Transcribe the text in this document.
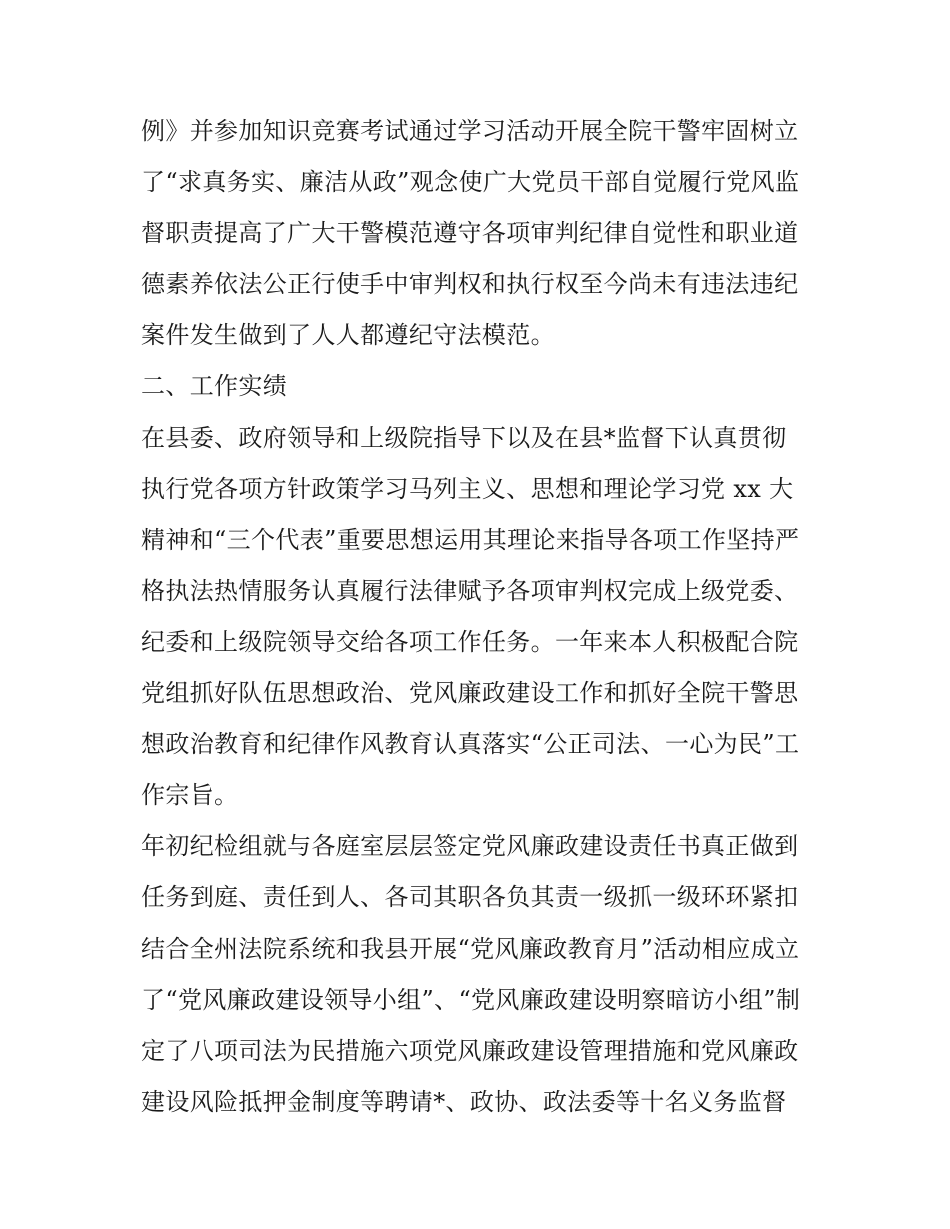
例》并参加知识竞赛考试通过学习活动开展全院干警牢固树立
了“求真务实、廉洁从政”观念使广大党员干部自觉履行党风监
督职责提高了广大干警模范遵守各项审判纪律自觉性和职业道
德素养依法公正行使手中审判权和执行权至今尚未有违法违纪
案件发生做到了人人都遵纪守法模范。
二、工作实绩
在县委、政府领导和上级院指导下以及在县*监督下认真贯彻
执行党各项方针政策学习马列主义、思想和理论学习党 xx 大
精神和“三个代表”重要思想运用其理论来指导各项工作坚持严
格执法热情服务认真履行法律赋予各项审判权完成上级党委、
纪委和上级院领导交给各项工作任务。一年来本人积极配合院
党组抓好队伍思想政治、党风廉政建设工作和抓好全院干警思
想政治教育和纪律作风教育认真落实“公正司法、一心为民”工
作宗旨。
年初纪检组就与各庭室层层签定党风廉政建设责任书真正做到
任务到庭、责任到人、各司其职各负其责一级抓一级环环紧扣
结合全州法院系统和我县开展“党风廉政教育月”活动相应成立
了“党风廉政建设领导小组”、“党风廉政建设明察暗访小组”制
定了八项司法为民措施六项党风廉政建设管理措施和党风廉政
建设风险抵押金制度等聘请*、政协、政法委等十名义务监督
